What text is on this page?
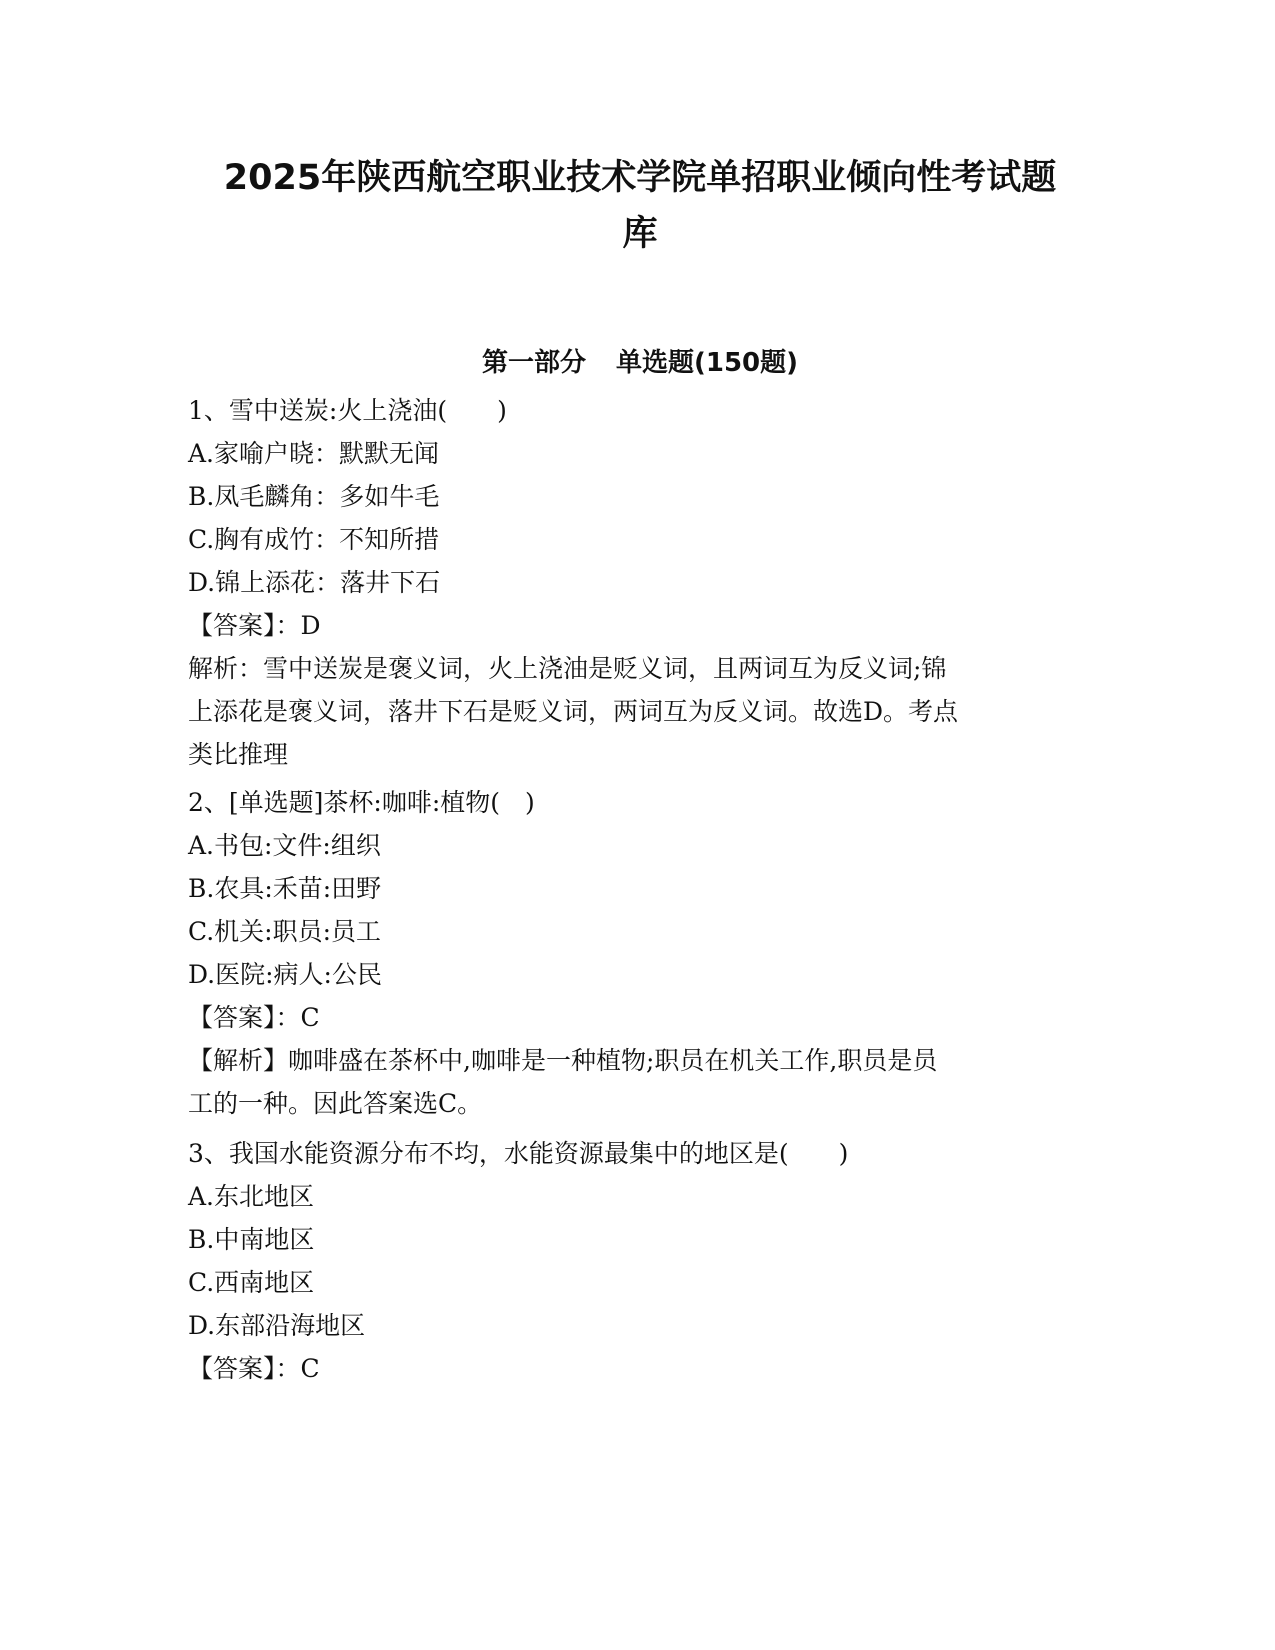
2025年陕西航空职业技术学院单招职业倾向性考试题
库
第一部分 单选题(150题)
1、雪中送炭:火上浇油(　　)
A.家喻户晓：默默无闻
B.凤毛麟角：多如牛毛
C.胸有成竹：不知所措
D.锦上添花：落井下石
【答案】：D
解析：雪中送炭是褒义词，火上浇油是贬义词，且两词互为反义词;锦
上添花是褒义词，落井下石是贬义词，两词互为反义词。故选D。考点
类比推理
2、[单选题]茶杯:咖啡:植物(　)
A.书包:文件:组织
B.农具:禾苗:田野
C.机关:职员:员工
D.医院:病人:公民
【答案】：C
【解析】咖啡盛在茶杯中,咖啡是一种植物;职员在机关工作,职员是员
工的一种。因此答案选C。
3、我国水能资源分布不均，水能资源最集中的地区是(　　)
A.东北地区
B.中南地区
C.西南地区
D.东部沿海地区
【答案】：C
